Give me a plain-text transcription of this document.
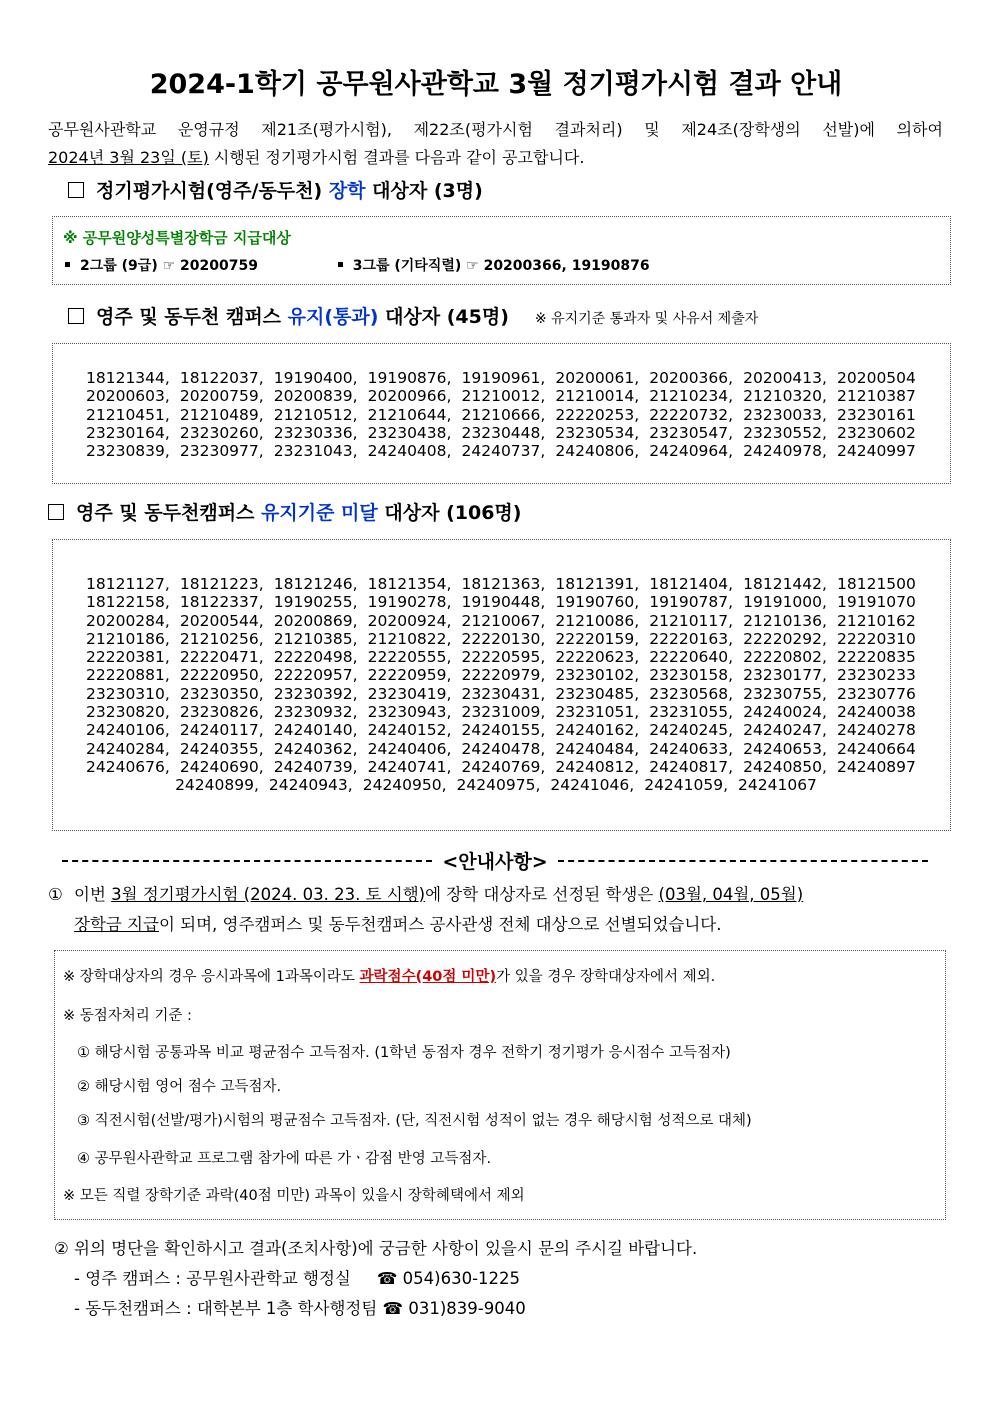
2024-1학기 공무원사관학교 3월 정기평가시험 결과 안내
공무원사관학교 운영규정 제21조(평가시험), 제22조(평가시험 결과처리) 및 제24조(장학생의 선발)에 의하여
2024년 3월 23일 (토) 시행된 정기평가시험 결과를 다음과 같이 공고합니다.
정기평가시험(영주/동두천) 장학 대상자 (3명)
※ 공무원양성특별장학금 지급대상
2그룹 (9급) ☞ 20200759	3그룹 (기타직렬) ☞ 20200366, 19190876
영주 및 동두천 캠퍼스 유지(통과) 대상자 (45명) ※ 유지기준 통과자 및 사유서 제출자
18121344, 18122037, 19190400, 19190876, 19190961, 20200061, 20200366, 20200413, 20200504
20200603, 20200759, 20200839, 20200966, 21210012, 21210014, 21210234, 21210320, 21210387
21210451, 21210489, 21210512, 21210644, 21210666, 22220253, 22220732, 23230033, 23230161
23230164, 23230260, 23230336, 23230438, 23230448, 23230534, 23230547, 23230552, 23230602
23230839, 23230977, 23231043, 24240408, 24240737, 24240806, 24240964, 24240978, 24240997
영주 및 동두천캠퍼스 유지기준 미달 대상자 (106명)
18121127, 18121223, 18121246, 18121354, 18121363, 18121391, 18121404, 18121442, 18121500
18122158, 18122337, 19190255, 19190278, 19190448, 19190760, 19190787, 19191000, 19191070
20200284, 20200544, 20200869, 20200924, 21210067, 21210086, 21210117, 21210136, 21210162
21210186, 21210256, 21210385, 21210822, 22220130, 22220159, 22220163, 22220292, 22220310
22220381, 22220471, 22220498, 22220555, 22220595, 22220623, 22220640, 22220802, 22220835
22220881, 22220950, 22220957, 22220959, 22220979, 23230102, 23230158, 23230177, 23230233
23230310, 23230350, 23230392, 23230419, 23230431, 23230485, 23230568, 23230755, 23230776
23230820, 23230826, 23230932, 23230943, 23231009, 23231051, 23231055, 24240024, 24240038
24240106, 24240117, 24240140, 24240152, 24240155, 24240162, 24240245, 24240247, 24240278
24240284, 24240355, 24240362, 24240406, 24240478, 24240484, 24240633, 24240653, 24240664
24240676, 24240690, 24240739, 24240741, 24240769, 24240812, 24240817, 24240850, 24240897
24240899, 24240943, 24240950, 24240975, 24241046, 24241059, 24241067
<안내사항>
① 이번 3월 정기평가시험 (2024. 03. 23. 토 시행)에 장학 대상자로 선정된 학생은 (03월, 04월, 05월)
장학금 지급이 되며, 영주캠퍼스 및 동두천캠퍼스 공사관생 전체 대상으로 선별되었습니다.
※ 장학대상자의 경우 응시과목에 1과목이라도 과락점수(40점 미만)가 있을 경우 장학대상자에서 제외.
※ 동점자처리 기준 :
① 해당시험 공통과목 비교 평균점수 고득점자. (1학년 동점자 경우 전학기 정기평가 응시점수 고득점자)
② 해당시험 영어 점수 고득점자.
③ 직전시험(선발/평가)시험의 평균점수 고득점자. (단, 직전시험 성적이 없는 경우 해당시험 성적으로 대체)
④ 공무원사관학교 프로그램 참가에 따른 가ㆍ감점 반영 고득점자.
※ 모든 직렬 장학기준 과락(40점 미만) 과목이 있을시 장학혜택에서 제외
② 위의 명단을 확인하시고 결과(조치사항)에 궁금한 사항이 있을시 문의 주시길 바랍니다.
- 영주 캠퍼스 : 공무원사관학교 행정실 ☎ 054)630-1225
- 동두천캠퍼스 : 대학본부 1층 학사행정팀 ☎ 031)839-9040
